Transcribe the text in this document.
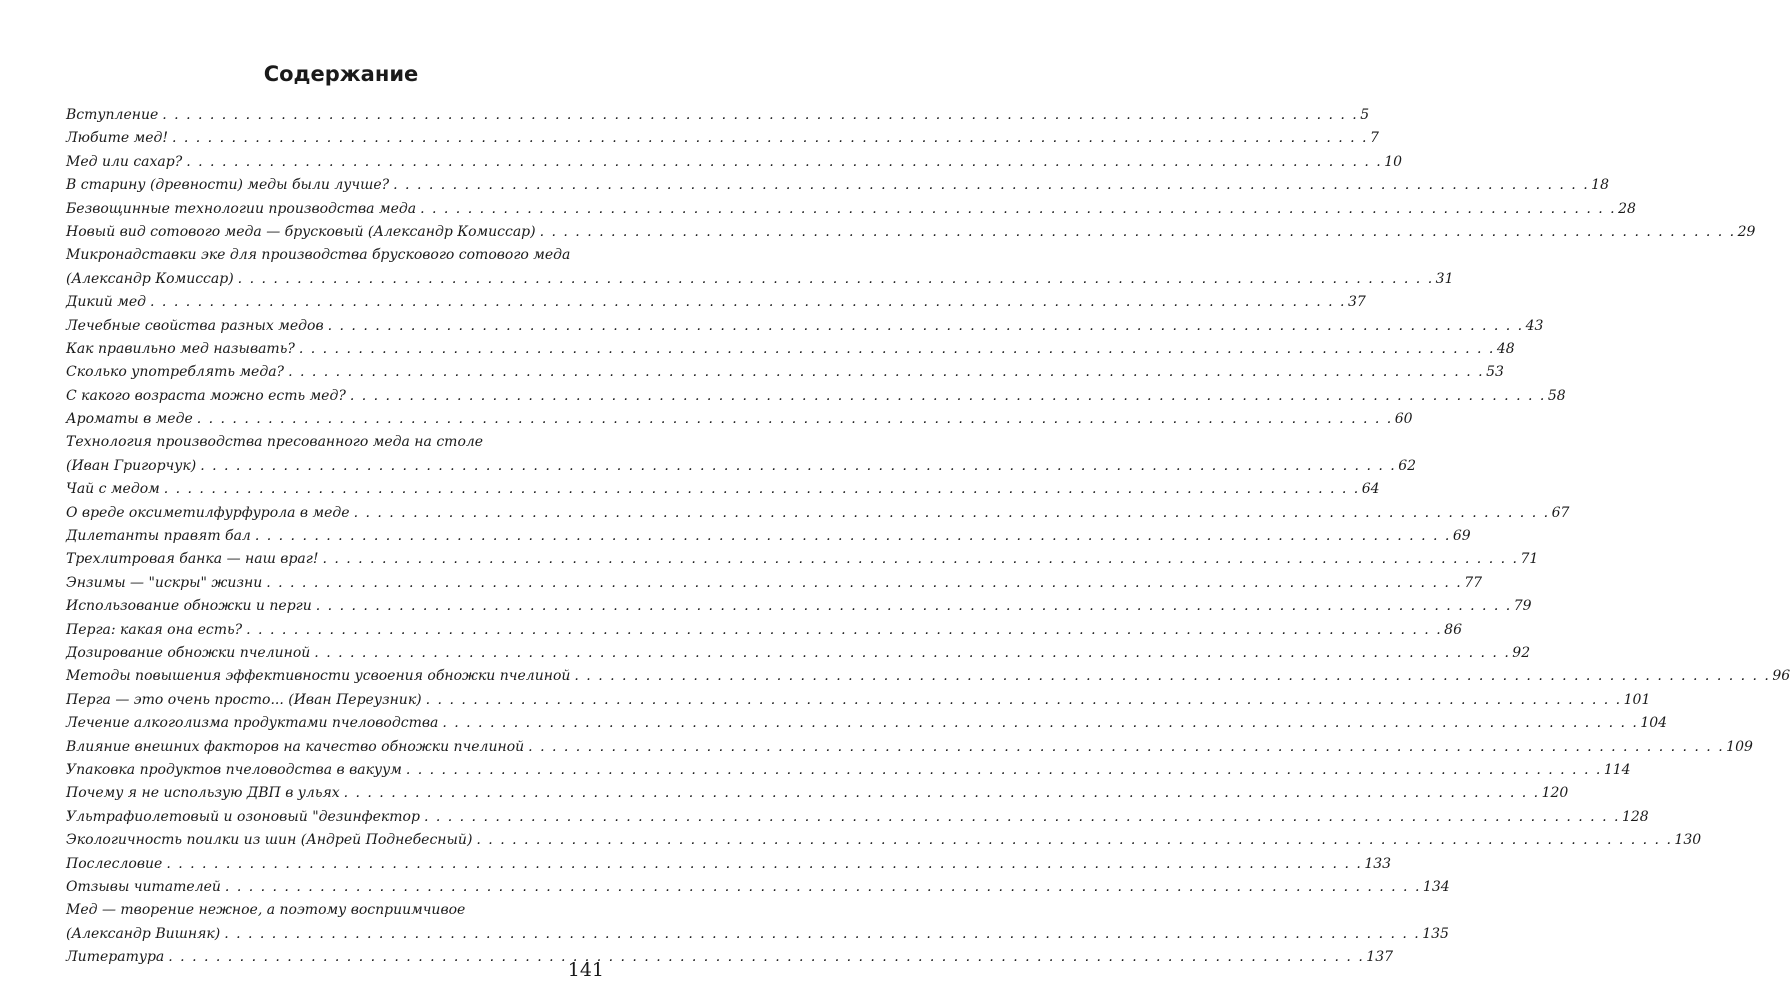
Содержание
Вступление . . .	5
Любите мед! . . .	7
Мед или сахар? . . .	10
В старину (древности) меды были лучше? . . .	18
Безвощинные технологии производства меда . . .	28
Новый вид сотового меда — брусковый (Александр Комиссар) . . .	29
Микронадставки эке для производства брускового сотового меда
(Александр Комиссар) . . .	31
Дикий мед . . .	37
Лечебные свойства разных медов . . .	43
Как правильно мед называть? . . .	48
Сколько употреблять меда? . . .	53
С какого возраста можно есть мед? . . .	58
Ароматы в меде . . .	60
Технология производства пресованного меда на столе
(Иван Григорчук) . . .	62
Чай с медом . . .	64
О вреде оксиметилфурфурола в меде . . .	67
Дилетанты правят бал . . .	69
Трехлитровая банка — наш враг! . . .	71
Энзимы — "искры" жизни . . .	77
Использование обножки и перги . . .	79
Перга: какая она есть? . . .	86
Дозирование обножки пчелиной . . .	92
Методы повышения эффективности усвоения обножки пчелиной . . .	96
Перга — это очень просто... (Иван Переузник) . . .	101
Лечение алкоголизма продуктами пчеловодства . . .	104
Влияние внешних факторов на качество обножки пчелиной . . .	109
Упаковка продуктов пчеловодства в вакуум . . .	114
Почему я не использую ДВП в ульях . . .	120
Ультрафиолетовый и озоновый "дезинфектор . . .	128
Экологичность поилки из шин (Андрей Поднебесный) . . .	130
Послесловие . . .	133
Отзывы читателей . . .	134
Мед — творение нежное, а поэтому восприимчивое
(Александр Вишняк) . . .	135
Литература . . .	137
141
